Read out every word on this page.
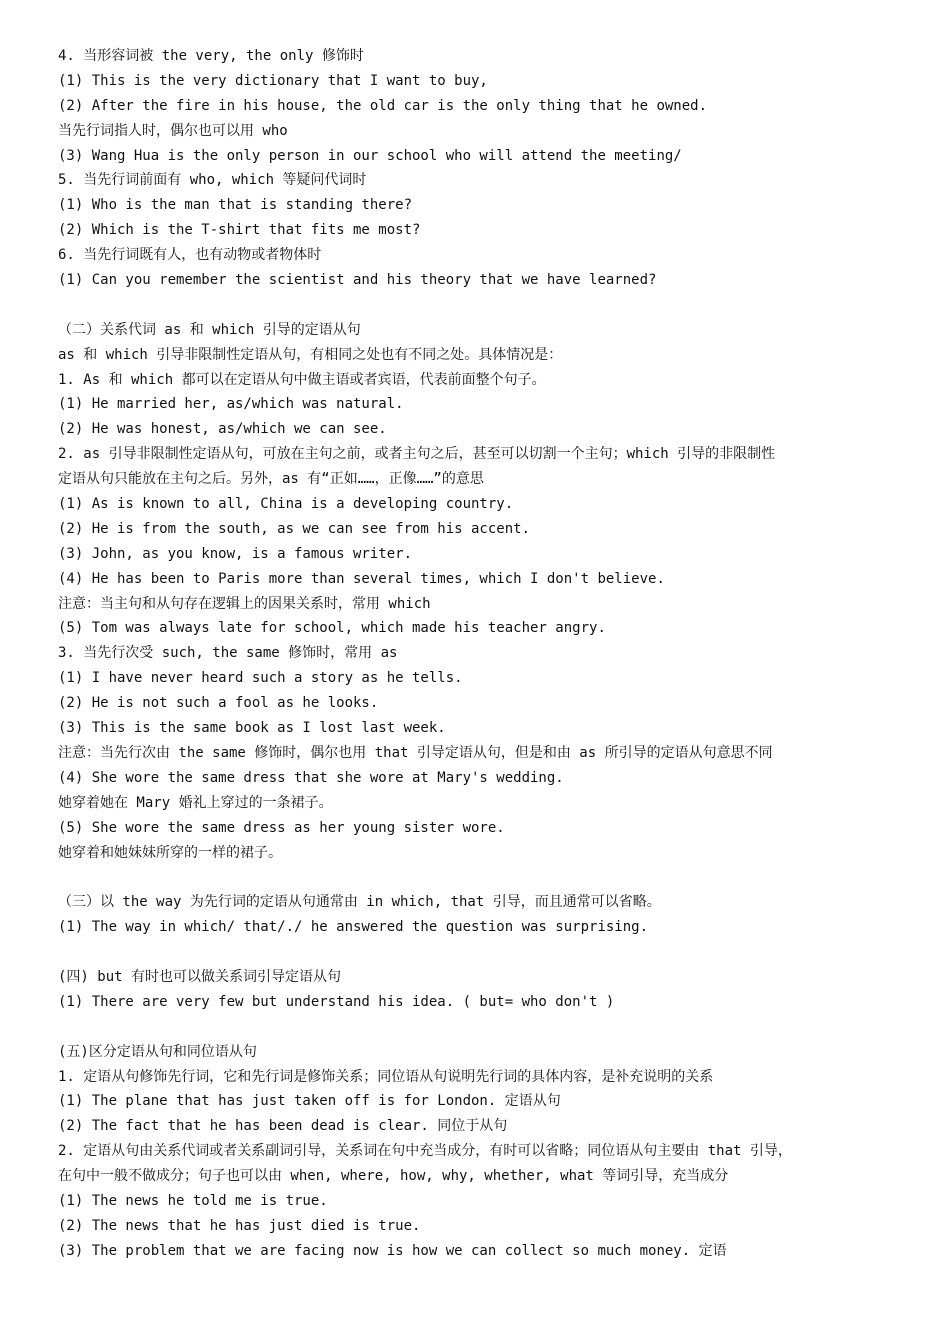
4. 当形容词被 the very, the only 修饰时
(1) This is the very dictionary that I want to buy,
(2) After the fire in his house, the old car is the only thing that he owned.
当先行词指人时，偶尔也可以用 who
(3) Wang Hua is the only person in our school who will attend the meeting/
5. 当先行词前面有 who, which 等疑问代词时
(1) Who is the man that is standing there?
(2) Which is the T-shirt that fits me most?
6. 当先行词既有人，也有动物或者物体时
(1) Can you remember the scientist and his theory that we have learned?
（二）关系代词 as 和 which 引导的定语从句
as 和 which 引导非限制性定语从句，有相同之处也有不同之处。具体情况是：
1. As 和 which 都可以在定语从句中做主语或者宾语，代表前面整个句子。
(1) He married her, as/which was natural.
(2) He was honest, as/which we can see.
2. as 引导非限制性定语从句，可放在主句之前，或者主句之后，甚至可以切割一个主句；which 引导的非限制性
定语从句只能放在主句之后。另外，as 有“正如……，正像……”的意思
(1) As is known to all, China is a developing country.
(2) He is from the south, as we can see from his accent.
(3) John, as you know, is a famous writer.
(4) He has been to Paris more than several times, which I don't believe.
注意：当主句和从句存在逻辑上的因果关系时，常用 which
(5) Tom was always late for school, which made his teacher angry.
3. 当先行次受 such, the same 修饰时，常用 as
(1) I have never heard such a story as he tells.
(2) He is not such a fool as he looks.
(3) This is the same book as I lost last week.
注意：当先行次由 the same 修饰时，偶尔也用 that 引导定语从句，但是和由 as 所引导的定语从句意思不同
(4) She wore the same dress that she wore at Mary's wedding.
她穿着她在 Mary 婚礼上穿过的一条裙子。
(5) She wore the same dress as her young sister wore.
她穿着和她妹妹所穿的一样的裙子。
（三）以 the way 为先行词的定语从句通常由 in which, that 引导，而且通常可以省略。
(1) The way in which/ that/./ he answered the question was surprising.
(四) but 有时也可以做关系词引导定语从句
(1) There are very few but understand his idea. ( but= who don't )
(五)区分定语从句和同位语从句
1. 定语从句修饰先行词，它和先行词是修饰关系；同位语从句说明先行词的具体内容，是补充说明的关系
(1) The plane that has just taken off is for London. 定语从句
(2) The fact that he has been dead is clear. 同位于从句
2. 定语从句由关系代词或者关系副词引导，关系词在句中充当成分，有时可以省略；同位语从句主要由 that 引导，
在句中一般不做成分；句子也可以由 when, where, how, why, whether, what 等词引导，充当成分
(1) The news he told me is true.
(2) The news that he has just died is true.
(3) The problem that we are facing now is how we can collect so much money. 定语
